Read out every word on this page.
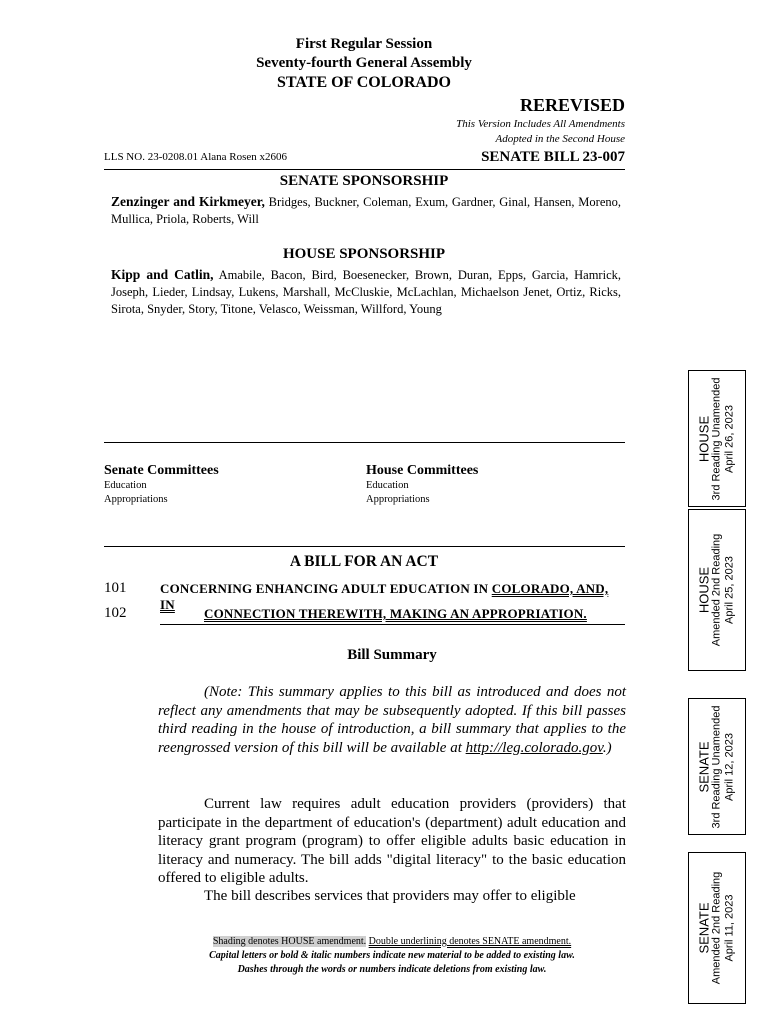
First Regular Session
Seventy-fourth General Assembly
STATE OF COLORADO
REREVISED
This Version Includes All Amendments
Adopted in the Second House
LLS NO. 23-0208.01 Alana Rosen x2606	SENATE BILL 23-007
SENATE SPONSORSHIP
Zenzinger and Kirkmeyer, Bridges, Buckner, Coleman, Exum, Gardner, Ginal, Hansen, Moreno, Mullica, Priola, Roberts, Will
HOUSE SPONSORSHIP
Kipp and Catlin, Amabile, Bacon, Bird, Boesenecker, Brown, Duran, Epps, Garcia, Hamrick, Joseph, Lieder, Lindsay, Lukens, Marshall, McCluskie, McLachlan, Michaelson Jenet, Ortiz, Ricks, Sirota, Snyder, Story, Titone, Velasco, Weissman, Willford, Young
Senate Committees
Education
Appropriations
House Committees
Education
Appropriations
A BILL FOR AN ACT
101	CONCERNING ENHANCING ADULT EDUCATION IN COLORADO, AND, IN
102	CONNECTION THEREWITH, MAKING AN APPROPRIATION.
Bill Summary
(Note: This summary applies to this bill as introduced and does not reflect any amendments that may be subsequently adopted. If this bill passes third reading in the house of introduction, a bill summary that applies to the reengrossed version of this bill will be available at http://leg.colorado.gov.)
Current law requires adult education providers (providers) that participate in the department of education's (department) adult education and literacy grant program (program) to offer eligible adults basic education in literacy and numeracy. The bill adds "digital literacy" to the basic education offered to eligible adults.
The bill describes services that providers may offer to eligible
Shading denotes HOUSE amendment. Double underlining denotes SENATE amendment.
Capital letters or bold & italic numbers indicate new material to be added to existing law.
Dashes through the words or numbers indicate deletions from existing law.
HOUSE 3rd Reading Unamended April 26, 2023
HOUSE Amended 2nd Reading April 25, 2023
SENATE 3rd Reading Unamended April 12, 2023
SENATE Amended 2nd Reading April 11, 2023
